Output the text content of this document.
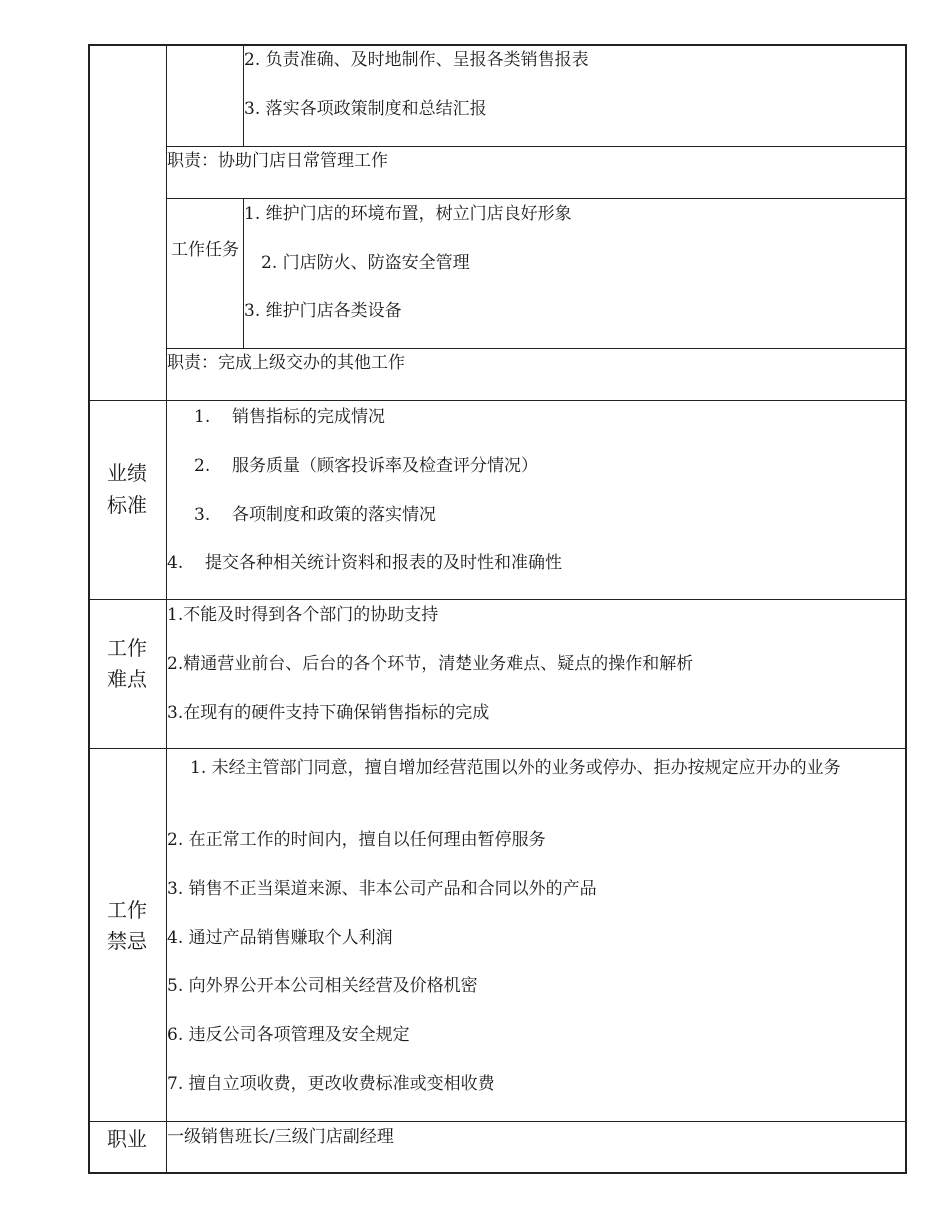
2. 负责准确、及时地制作、呈报各类销售报表
3. 落实各项政策制度和总结汇报
职责：协助门店日常管理工作
工作任务
1. 维护门店的环境布置，树立门店良好形象
2. 门店防火、防盗安全管理
3. 维护门店各类设备
职责：完成上级交办的其他工作
业绩
标准
1. 销售指标的完成情况
2. 服务质量（顾客投诉率及检查评分情况）
3. 各项制度和政策的落实情况
4. 提交各种相关统计资料和报表的及时性和准确性
工作
难点
1.不能及时得到各个部门的协助支持
2.精通营业前台、后台的各个环节，清楚业务难点、疑点的操作和解析
3.在现有的硬件支持下确保销售指标的完成
工作
禁忌
1. 未经主管部门同意，擅自增加经营范围以外的业务或停办、拒办按规定应开办的业务
2. 在正常工作的时间内，擅自以任何理由暂停服务
3. 销售不正当渠道来源、非本公司产品和合同以外的产品
4. 通过产品销售赚取个人利润
5. 向外界公开本公司相关经营及价格机密
6. 违反公司各项管理及安全规定
7. 擅自立项收费，更改收费标准或变相收费
职业	一级销售班长/三级门店副经理
